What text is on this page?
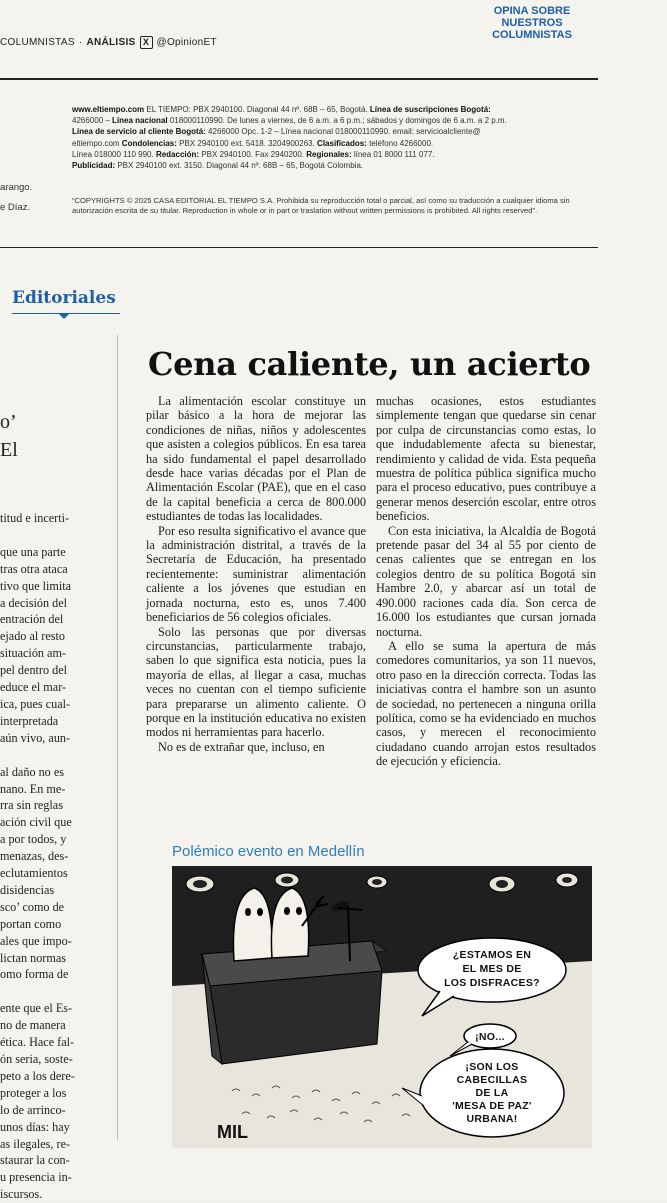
COLUMNISTAS · ANÁLISIS X @OpinionET
OPINA SOBRE
NUESTROS
COLUMNISTAS
arango.
e Díaz.
www.eltiempo.com EL TIEMPO: PBX 2940100. Diagonal 44 nº. 68B – 65, Bogotá. Línea de suscripciones Bogotá:
4266000 – Línea nacional 018000110990. De lunes a viernes, de 6 a.m. a 6 p.m.; sábados y domingos de 6 a.m. a 2 p.m.
Línea de servicio al cliente Bogotá: 4266000 Opc. 1-2 – Línea nacional 018000110990. email: servicioalcliente@
eltiempo.com Condolencias: PBX 2940100 ext. 5418. 3204900263. Clasificados: teléfono 4266000.
Línea 018000 110 990. Redacción: PBX 2940100. Fax 2940200. Regionales: línea 01 8000 111 077.
Publicidad: PBX 2940100 ext. 3150. Diagonal 44 nº. 68B – 65, Bogotá Colombia.
“COPYRIGHTS © 2025 CASA EDITORIAL EL TIEMPO S.A. Prohibida su reproducción total o parcial, así como su traducción a cualquier idioma sin autorización escrita de su titular. Reproduction in whole or in part or traslation without written permissions is prohibited. All rights reserved”.
Editoriales
o’
El
titud e incerti-

que una parte
tras otra ataca
tivo que limita
a decisión del
entración del
ejado al resto
situación am-
pel dentro del
educe el mar-
ica, pues cual-
interpretada
aún vivo, aun-

al daño no es
nano. En me-
rra sin reglas
ación civil que
a por todos, y
menazas, des-
eclutamientos
disidencias
sco’ como de
portan como
ales que impo-
lictan normas
omo forma de

ente que el Es-
no de manera
ética. Hace fal-
ón seria, soste-
peto a los dere-
proteger a los
lo de arrinco-
unos días: hay
as ilegales, re-
staurar la con-
u presencia in-
iscursos.
Cena caliente, un acierto

La alimentación escolar constituye un pilar básico a la hora de mejorar las condiciones de niñas, niños y adolescentes que asisten a colegios públicos. En esa tarea ha sido fundamental el papel desarrollado desde hace varias décadas por el Plan de Alimentación Escolar (PAE), que en el caso de la capital beneficia a cerca de 800.000 estudiantes de todas las localidades.

Por eso resulta significativo el avance que la administración distrital, a través de la Secretaría de Educación, ha presentado recientemente: suministrar alimentación caliente a los jóvenes que estudian en jornada nocturna, esto es, unos 7.400 beneficiarios de 56 colegios oficiales.

Solo las personas que por diversas circunstancias, particularmente trabajo, saben lo que significa esta noticia, pues la mayoría de ellas, al llegar a casa, muchas veces no cuentan con el tiempo suficiente para prepararse un alimento caliente. O porque en la institución educativa no existen modos ni herramientas para hacerlo.

No es de extrañar que, incluso, en

muchas ocasiones, estos estudiantes simplemente tengan que quedarse sin cenar por culpa de circunstancias como estas, lo que indudablemente afecta su bienestar, rendimiento y calidad de vida. Esta pequeña muestra de política pública significa mucho para el proceso educativo, pues contribuye a generar menos deserción escolar, entre otros beneficios.

Con esta iniciativa, la Alcaldía de Bogotá pretende pasar del 34 al 55 por ciento de cenas calientes que se entregan en los colegios dentro de su política Bogotá sin Hambre 2.0, y abarcar así un total de 490.000 raciones cada día. Son cerca de 16.000 los estudiantes que cursan jornada nocturna.

A ello se suma la apertura de más comedores comunitarios, ya son 11 nuevos, otro paso en la dirección correcta. Todas las iniciativas contra el hambre son un asunto de sociedad, no pertenecen a ninguna orilla política, como se ha evidenciado en muchos casos, y merecen el reconocimiento ciudadano cuando arrojan estos resultados de ejecución y eficiencia.

Polémico evento en Medellín
¿ESTAMOS EN
EL MES DE
LOS DISFRACES?
¡NO...
¡SON LOS
CABECILLAS
DE LA
'MESA DE PAZ'
URBANA!
MIL
